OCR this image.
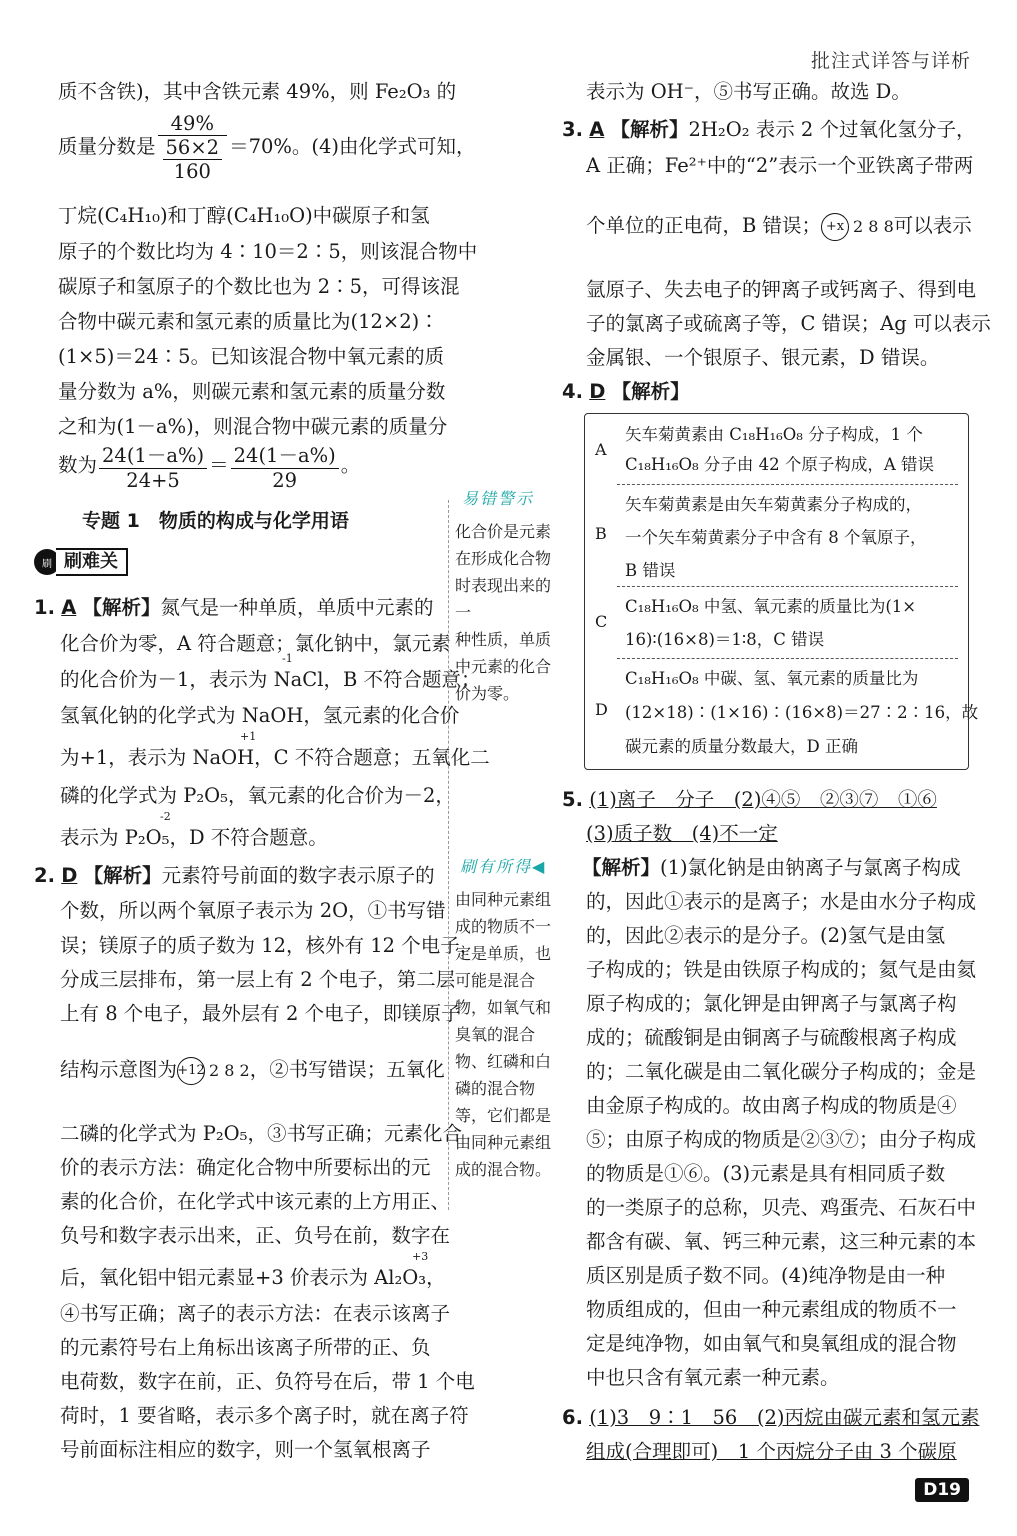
批注式详答与详析
质不含铁)，其中含铁元素 49%，则 Fe₂O₃ 的
质量分数是 $\frac{49\%}{\frac{56\times 2}{160}} =70\%$。(4)由化学式可知，
丁烷(C₄H₁₀)和丁醇(C₄H₁₀O)中碳原子和氢
原子的个数比均为 4∶10＝2∶5，则该混合物中
碳原子和氢原子的个数比也为 2∶5，可得该混
合物中碳元素和氢元素的质量比为(12×2)∶
(1×5)＝24∶5。已知该混合物中氧元素的质
量分数为 a%，则碳元素和氢元素的质量分数
之和为(1－a%)，则混合物中碳元素的质量分
数为 $\frac{24(1-a\%)}{24+5} = \frac{24(1-a\%)}{29}$ 。
专题 1　物质的构成与化学用语
刷 刷难关
1. A 【解析】氮气是一种单质，单质中元素的
化合价为零，A 符合题意；氯化钠中，氯元素
的化合价为－1，表示为 NaCl，B 不符合题意；
-1
氢氧化钠的化学式为 NaOH，氢元素的化合价
为+1，表示为 NaOH，C 不符合题意；五氧化二
+1
磷的化学式为 P₂O₅，氧元素的化合价为－2，
表示为 P₂O₅，D 不符合题意。
-2
2. D 【解析】元素符号前面的数字表示原子的
个数，所以两个氧原子表示为 2O，①书写错
误；镁原子的质子数为 12，核外有 12 个电子，
分成三层排布，第一层上有 2 个电子，第二层
上有 8 个电子，最外层有 2 个电子，即镁原子
结构示意图为 +12 2 8 2 ，②书写错误；五氧化
二磷的化学式为 P₂O₅，③书写正确；元素化合
价的表示方法：确定化合物中所要标出的元
素的化合价，在化学式中该元素的上方用正、
负号和数字表示出来，正、负号在前，数字在
后，氧化铝中铝元素显+3 价表示为 Al₂O₃，
+3
④书写正确；离子的表示方法：在表示该离子
的元素符号右上角标出该离子所带的正、负
电荷数，数字在前，正、负符号在后，带 1 个电
荷时，1 要省略，表示多个离子时，就在离子符
号前面标注相应的数字，则一个氢氧根离子
易错警示
化合价是元素
在形成化合物
时表现出来的一
种性质，单质
中元素的化合
价为零。
刷有所得◀
由同种元素组
成的物质不一
定是单质，也
可能是混合
物，如氧气和
臭氧的混合
物、红磷和白
磷的混合物
等，它们都是
由同种元素组
成的混合物。
表示为 OH⁻，⑤书写正确。故选 D。
3. A 【解析】2H₂O₂ 表示 2 个过氧化氢分子，
A 正确；Fe²⁺中的“2”表示一个亚铁离子带两
个单位的正电荷，B 错误； +x 2 8 8 可以表示
氩原子、失去电子的钾离子或钙离子、得到电
子的氯离子或硫离子等，C 错误；Ag 可以表示
金属银、一个银原子、银元素，D 错误。
4. D 【解析】
A
矢车菊黄素由 C₁₈H₁₆O₈ 分子构成，1 个
C₁₈H₁₆O₈ 分子由 42 个原子构成，A 错误
B
矢车菊黄素是由矢车菊黄素分子构成的，
一个矢车菊黄素分子中含有 8 个氧原子，
B 错误
C
C₁₈H₁₆O₈ 中氢、氧元素的质量比为(1×
16)∶(16×8)＝1∶8，C 错误
D
C₁₈H₁₆O₈ 中碳、氢、氧元素的质量比为
(12×18)∶(1×16)∶(16×8)＝27∶2∶16，故
碳元素的质量分数最大，D 正确
5. (1)离子　分子　(2)④⑤　②③⑦　①⑥
(3)质子数　(4)不一定
【解析】(1)氯化钠是由钠离子与氯离子构成
的，因此①表示的是离子；水是由水分子构成
的，因此②表示的是分子。(2)氢气是由氢
子构成的；铁是由铁原子构成的；氦气是由氦
原子构成的；氯化钾是由钾离子与氯离子构
成的；硫酸铜是由铜离子与硫酸根离子构成
的；二氧化碳是由二氧化碳分子构成的；金是
由金原子构成的。故由离子构成的物质是④
⑤；由原子构成的物质是②③⑦；由分子构成
的物质是①⑥。(3)元素是具有相同质子数
的一类原子的总称，贝壳、鸡蛋壳、石灰石中
都含有碳、氧、钙三种元素，这三种元素的本
质区别是质子数不同。(4)纯净物是由一种
物质组成的，但由一种元素组成的物质不一
定是纯净物，如由氧气和臭氧组成的混合物
中也只含有氧元素一种元素。
6. (1)3　9∶1　56　(2)丙烷由碳元素和氢元素
组成(合理即可)　1 个丙烷分子由 3 个碳原
D19
